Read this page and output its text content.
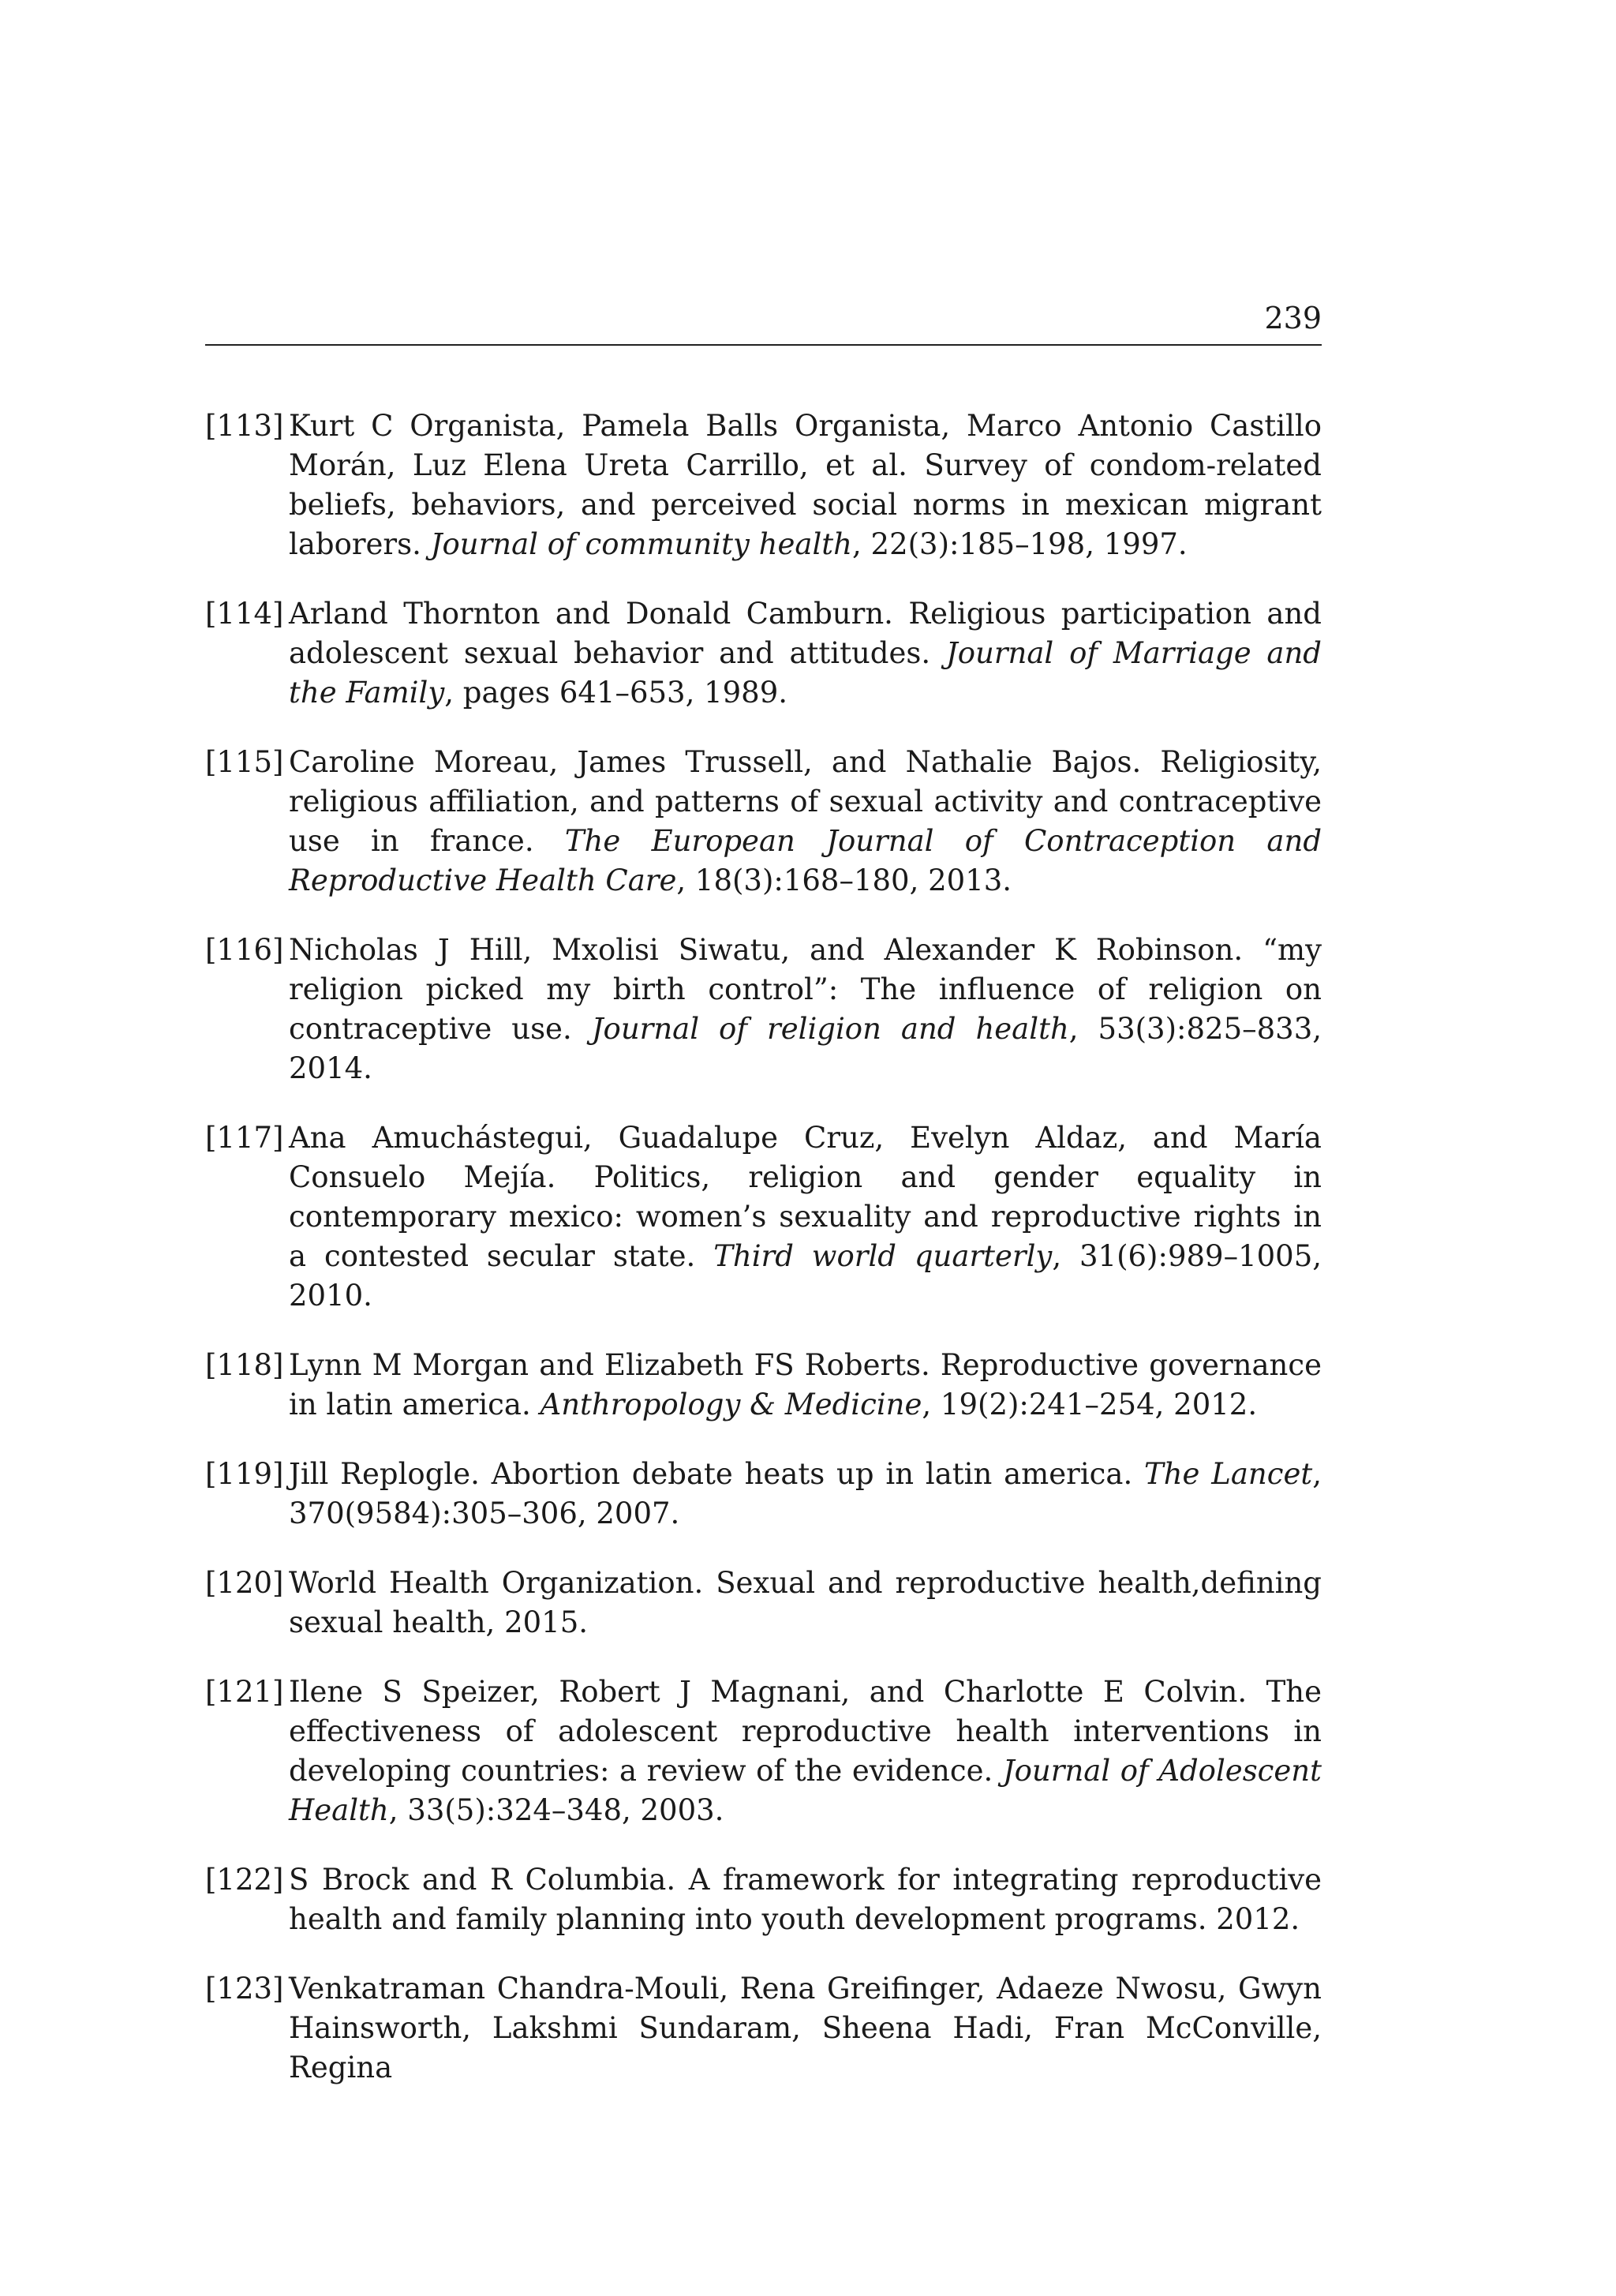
239
[113] Kurt C Organista, Pamela Balls Organista, Marco Antonio Castillo Morán, Luz Elena Ureta Carrillo, et al. Survey of condom-related beliefs, behaviors, and perceived social norms in mexican migrant laborers. Journal of community health, 22(3):185–198, 1997.
[114] Arland Thornton and Donald Camburn. Religious participation and adolescent sexual behavior and attitudes. Journal of Marriage and the Family, pages 641–653, 1989.
[115] Caroline Moreau, James Trussell, and Nathalie Bajos. Religiosity, religious affiliation, and patterns of sexual activity and contraceptive use in france. The European Journal of Contraception and Reproductive Health Care, 18(3):168–180, 2013.
[116] Nicholas J Hill, Mxolisi Siwatu, and Alexander K Robinson. “my religion picked my birth control”: The influence of religion on contraceptive use. Journal of religion and health, 53(3):825–833, 2014.
[117] Ana Amuchástegui, Guadalupe Cruz, Evelyn Aldaz, and María Consuelo Mejía. Politics, religion and gender equality in contemporary mexico: women’s sexuality and reproductive rights in a contested secular state. Third world quarterly, 31(6):989–1005, 2010.
[118] Lynn M Morgan and Elizabeth FS Roberts. Reproductive governance in latin america. Anthropology & Medicine, 19(2):241–254, 2012.
[119] Jill Replogle. Abortion debate heats up in latin america. The Lancet, 370(9584):305–306, 2007.
[120] World Health Organization. Sexual and reproductive health,defining sexual health, 2015.
[121] Ilene S Speizer, Robert J Magnani, and Charlotte E Colvin. The effectiveness of adolescent reproductive health interventions in developing countries: a review of the evidence. Journal of Adolescent Health, 33(5):324–348, 2003.
[122] S Brock and R Columbia. A framework for integrating reproductive health and family planning into youth development programs. 2012.
[123] Venkatraman Chandra-Mouli, Rena Greifinger, Adaeze Nwosu, Gwyn Hainsworth, Lakshmi Sundaram, Sheena Hadi, Fran McConville, Regina
